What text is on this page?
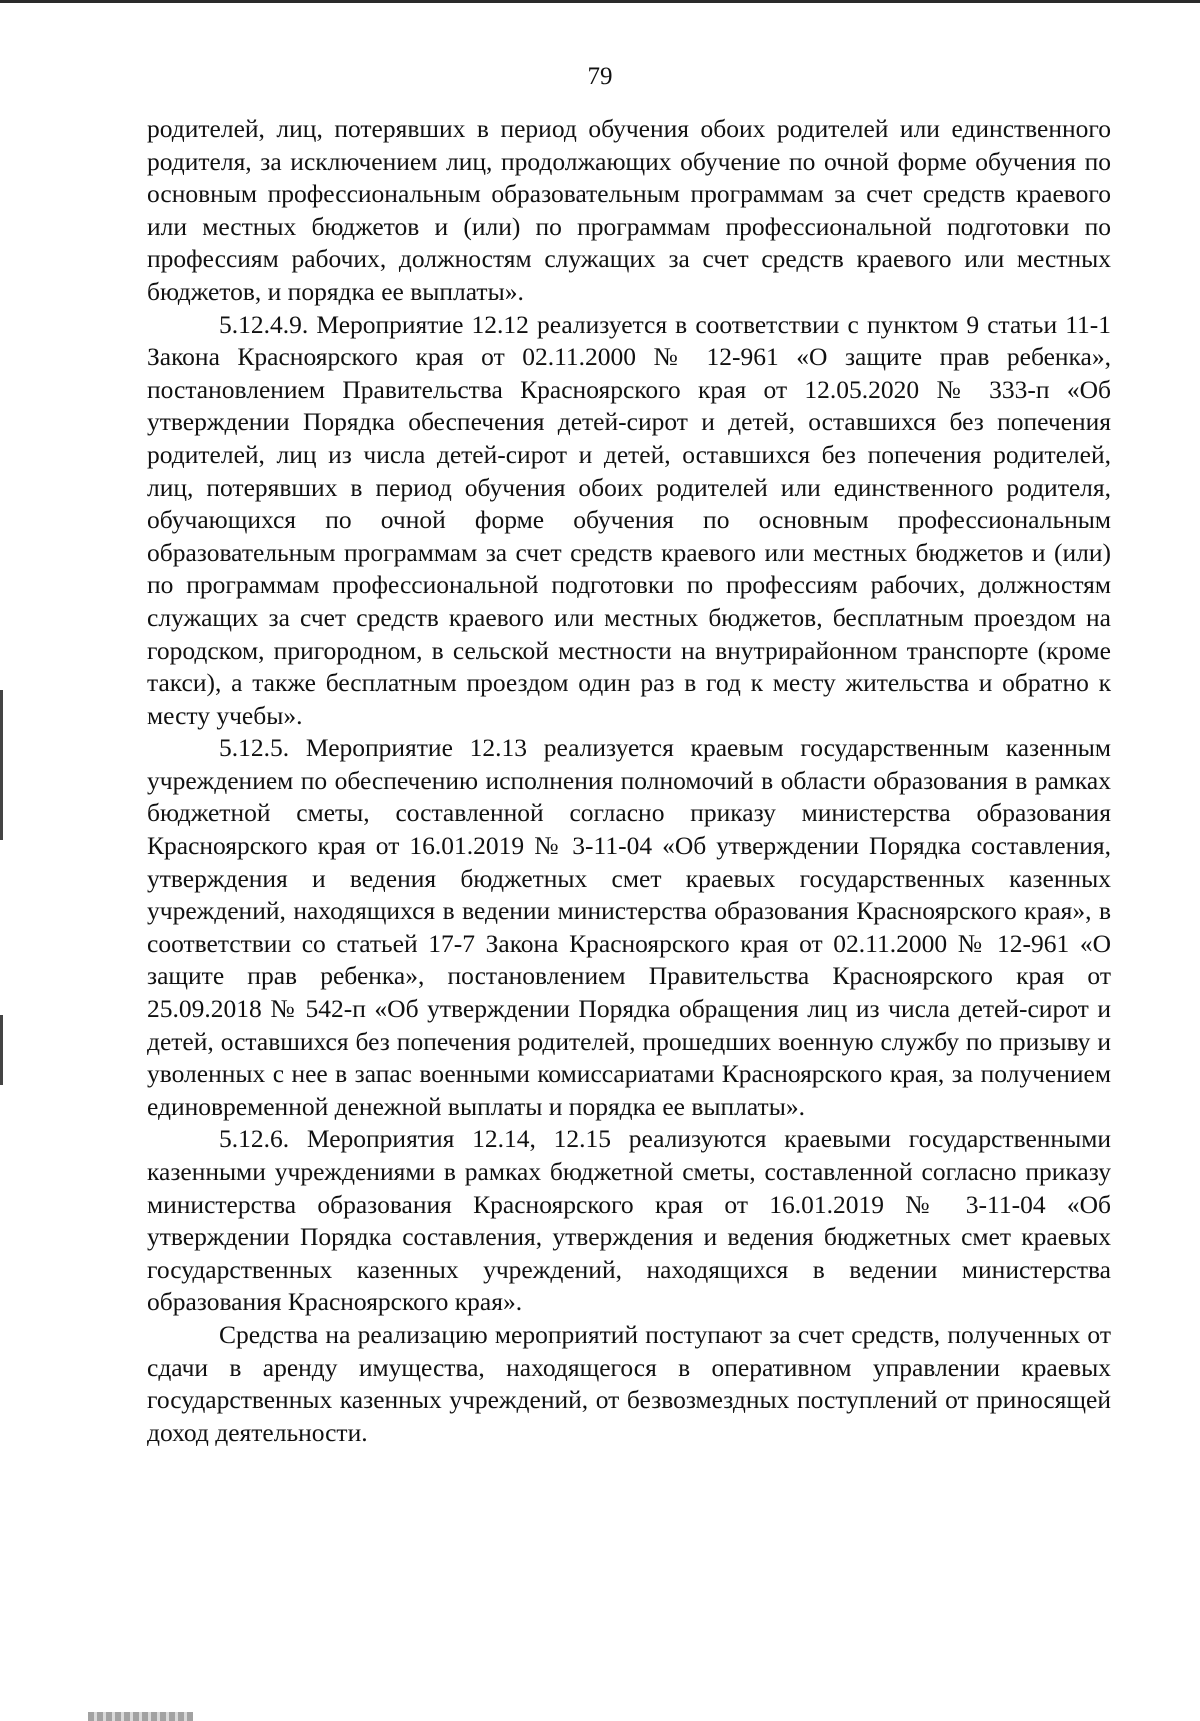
79

родителей, лиц, потерявших в период обучения обоих родителей или единственного родителя, за исключением лиц, продолжающих обучение по очной форме обучения по основным профессиональным образовательным программам за счет средств краевого или местных бюджетов и (или) по программам профессиональной подготовки по профессиям рабочих, должностям служащих за счет средств краевого или местных бюджетов, и порядка ее выплаты».

5.12.4.9. Мероприятие 12.12 реализуется в соответствии с пунктом 9 статьи 11-1 Закона Красноярского края от 02.11.2000 № 12-961 «О защите прав ребенка», постановлением Правительства Красноярского края от 12.05.2020 № 333-п «Об утверждении Порядка обеспечения детей-сирот и детей, оставшихся без попечения родителей, лиц из числа детей-сирот и детей, оставшихся без попечения родителей, лиц, потерявших в период обучения обоих родителей или единственного родителя, обучающихся по очной форме обучения по основным профессиональным образовательным программам за счет средств краевого или местных бюджетов и (или) по программам профессиональной подготовки по профессиям рабочих, должностям служащих за счет средств краевого или местных бюджетов, бесплатным проездом на городском, пригородном, в сельской местности на внутрирайонном транспорте (кроме такси), а также бесплатным проездом один раз в год к месту жительства и обратно к месту учебы».

5.12.5. Мероприятие 12.13 реализуется краевым государственным казенным учреждением по обеспечению исполнения полномочий в области образования в рамках бюджетной сметы, составленной согласно приказу министерства образования Красноярского края от 16.01.2019 № 3-11-04 «Об утверждении Порядка составления, утверждения и ведения бюджетных смет краевых государственных казенных учреждений, находящихся в ведении министерства образования Красноярского края», в соответствии со статьей 17-7 Закона Красноярского края от 02.11.2000 № 12-961 «О защите прав ребенка», постановлением Правительства Красноярского края от 25.09.2018 № 542-п «Об утверждении Порядка обращения лиц из числа детей-сирот и детей, оставшихся без попечения родителей, прошедших военную службу по призыву и уволенных с нее в запас военными комиссариатами Красноярского края, за получением единовременной денежной выплаты и порядка ее выплаты».

5.12.6. Мероприятия 12.14, 12.15 реализуются краевыми государственными казенными учреждениями в рамках бюджетной сметы, составленной согласно приказу министерства образования Красноярского края от 16.01.2019 № 3-11-04 «Об утверждении Порядка составления, утверждения и ведения бюджетных смет краевых государственных казенных учреждений, находящихся в ведении министерства образования Красноярского края».

Средства на реализацию мероприятий поступают за счет средств, полученных от сдачи в аренду имущества, находящегося в оперативном управлении краевых государственных казенных учреждений, от безвозмездных поступлений от приносящей доход деятельности.
